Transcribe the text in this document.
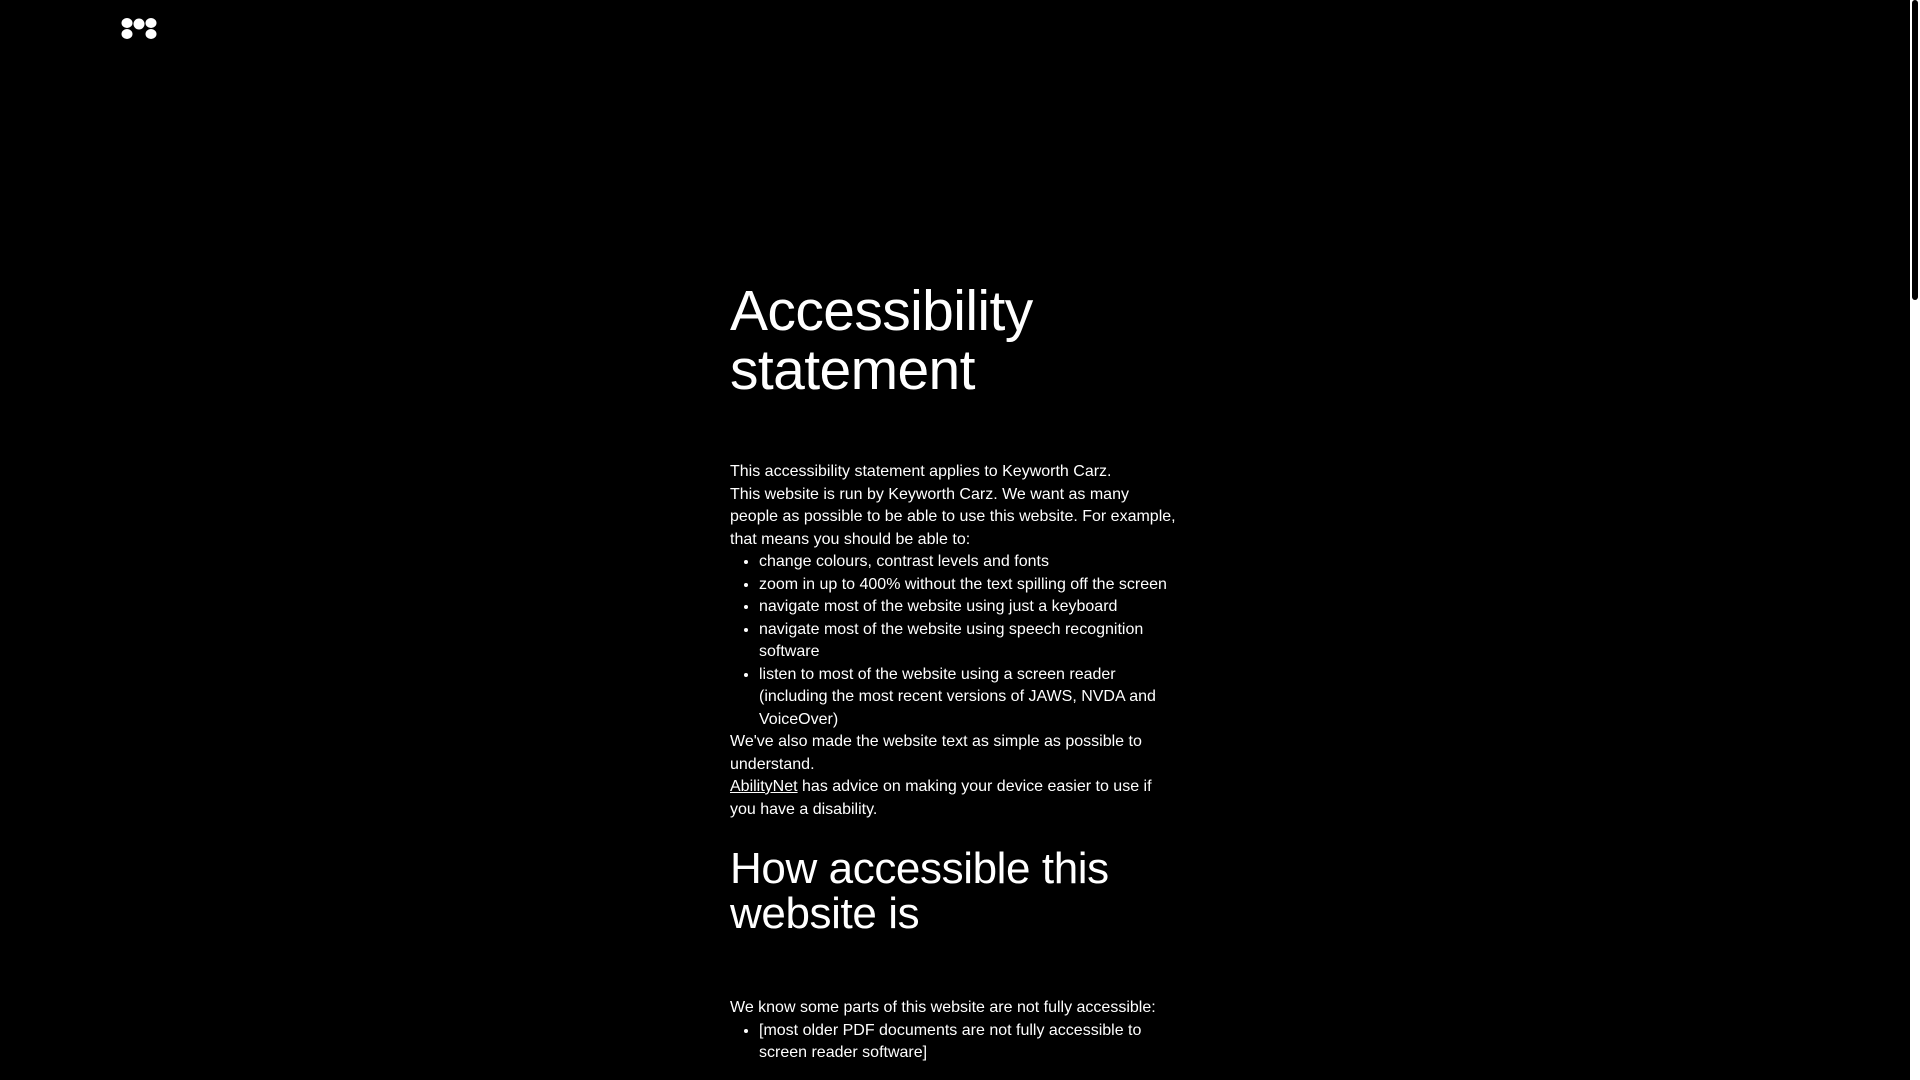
Accessibility statement

This accessibility statement applies to Keyworth Carz.

This website is run by Keyworth Carz. We want as many people as possible to be able to use this website. For example, that means you should be able to:

• change colours, contrast levels and fonts
• zoom in up to 400% without the text spilling off the screen
• navigate most of the website using just a keyboard
• navigate most of the website using speech recognition software
• listen to most of the website using a screen reader (including the most recent versions of JAWS, NVDA and VoiceOver)

We've also made the website text as simple as possible to understand.

AbilityNet has advice on making your device easier to use if you have a disability.

How accessible this website is

We know some parts of this website are not fully accessible:

• [most older PDF documents are not fully accessible to screen reader software]
